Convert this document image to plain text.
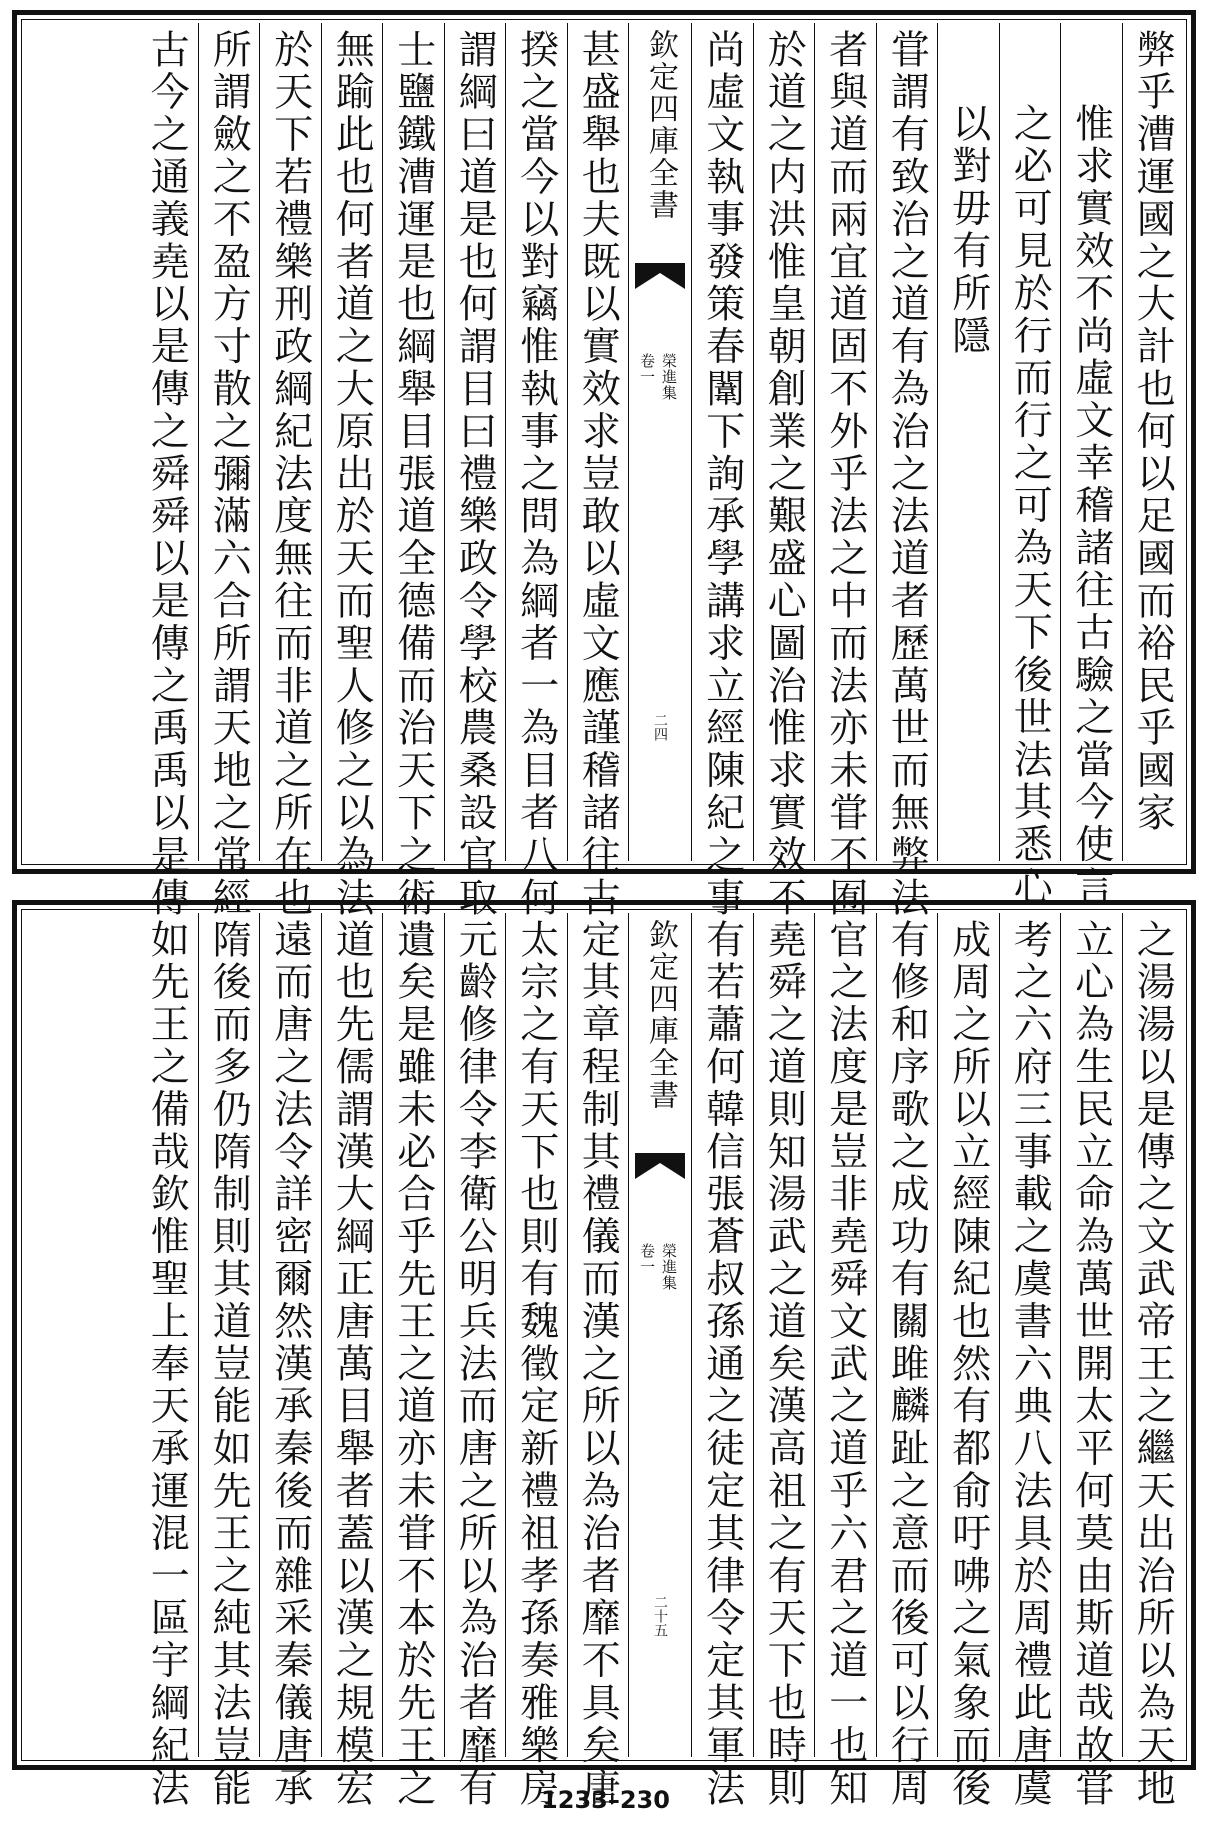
弊乎漕運國之大計也何以足國而裕民乎國家
惟求實效不尚虛文幸稽諸往古驗之當今使言
之必可見於行而行之可為天下後世法其悉心
以對毋有所隱
甞謂有致治之道有為治之法道者歷萬世而無弊法
者與道而兩宜道固不外乎法之中而法亦未甞不囿
於道之内洪惟皇朝創業之艱盛心圖治惟求實效不
尚虛文執事發策春闈下詢承學講求立經陳紀之事
欽定四庫全書
榮進集
卷一
二四
甚盛舉也夫既以實效求豈敢以虛文應謹稽諸往古
揆之當今以對竊惟執事之問為綱者一為目者八何
謂綱曰道是也何謂目曰禮樂政令學校農桑設官取
士鹽鐵漕運是也綱舉目張道全德備而治天下之術
無踰此也何者道之大原出於天而聖人修之以為法
於天下若禮樂刑政綱紀法度無往而非道之所在也
所謂斂之不盈方寸散之彌滿六合所謂天地之常經
古今之通義堯以是傳之舜舜以是傳之禹禹以是傳
之湯湯以是傳之文武帝王之繼天出治所以為天地
立心為生民立命為萬世開太平何莫由斯道哉故甞
考之六府三事載之虞書六典八法具於周禮此唐虞
成周之所以立經陳紀也然有都俞吁咈之氣象而後
有修和序歌之成功有關雎麟趾之意而後可以行周
官之法度是豈非堯舜文武之道乎六君之道一也知
堯舜之道則知湯武之道矣漢高祖之有天下也時則
有若蕭何韓信張蒼叔孫通之徒定其律令定其軍法
欽定四庫全書
榮進集
卷一
二十五
定其章程制其禮儀而漢之所以為治者靡不具矣唐
太宗之有天下也則有魏徵定新禮祖孝孫奏雅樂房
元齡修律令李衛公明兵法而唐之所以為治者靡有
遺矣是雖未必合乎先王之道亦未甞不本於先王之
道也先儒謂漢大綱正唐萬目舉者蓋以漢之規模宏
遠而唐之法令詳密爾然漢承秦後而雜采秦儀唐承
隋後而多仍隋制則其道豈能如先王之純其法豈能
如先王之備哉欽惟聖上奉天承運混一區宇綱紀法	1233–230
